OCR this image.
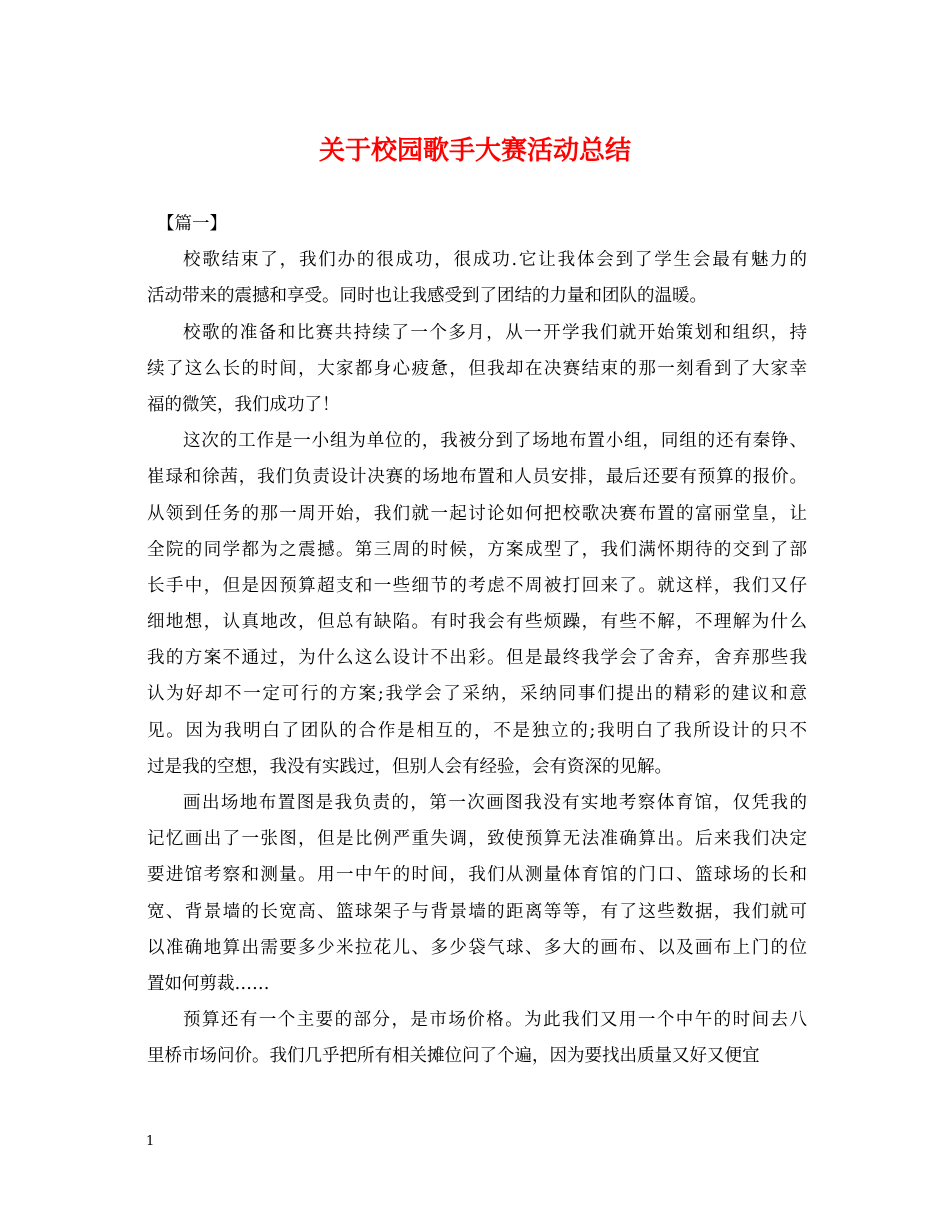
关于校园歌手大赛活动总结
【篇一】
校歌结束了，我们办的很成功，很成功.它让我体会到了学生会最有魅力的
活动带来的震撼和享受。同时也让我感受到了团结的力量和团队的温暖。
校歌的准备和比赛共持续了一个多月，从一开学我们就开始策划和组织，持
续了这么长的时间，大家都身心疲惫，但我却在决赛结束的那一刻看到了大家幸
福的微笑，我们成功了！
这次的工作是一小组为单位的，我被分到了场地布置小组，同组的还有秦铮、
崔琭和徐茜，我们负责设计决赛的场地布置和人员安排，最后还要有预算的报价。
从领到任务的那一周开始，我们就一起讨论如何把校歌决赛布置的富丽堂皇，让
全院的同学都为之震撼。第三周的时候，方案成型了，我们满怀期待的交到了部
长手中，但是因预算超支和一些细节的考虑不周被打回来了。就这样，我们又仔
细地想，认真地改，但总有缺陷。有时我会有些烦躁，有些不解，不理解为什么
我的方案不通过，为什么这么设计不出彩。但是最终我学会了舍弃，舍弃那些我
认为好却不一定可行的方案;我学会了采纳，采纳同事们提出的精彩的建议和意
见。因为我明白了团队的合作是相互的，不是独立的;我明白了我所设计的只不
过是我的空想，我没有实践过，但别人会有经验，会有资深的见解。
画出场地布置图是我负责的，第一次画图我没有实地考察体育馆，仅凭我的
记忆画出了一张图，但是比例严重失调，致使预算无法准确算出。后来我们决定
要进馆考察和测量。用一中午的时间，我们从测量体育馆的门口、篮球场的长和
宽、背景墙的长宽高、篮球架子与背景墙的距离等等，有了这些数据，我们就可
以准确地算出需要多少米拉花儿、多少袋气球、多大的画布、以及画布上门的位
置如何剪裁……
预算还有一个主要的部分，是市场价格。为此我们又用一个中午的时间去八
里桥市场问价。我们几乎把所有相关摊位问了个遍，因为要找出质量又好又便宜
1
